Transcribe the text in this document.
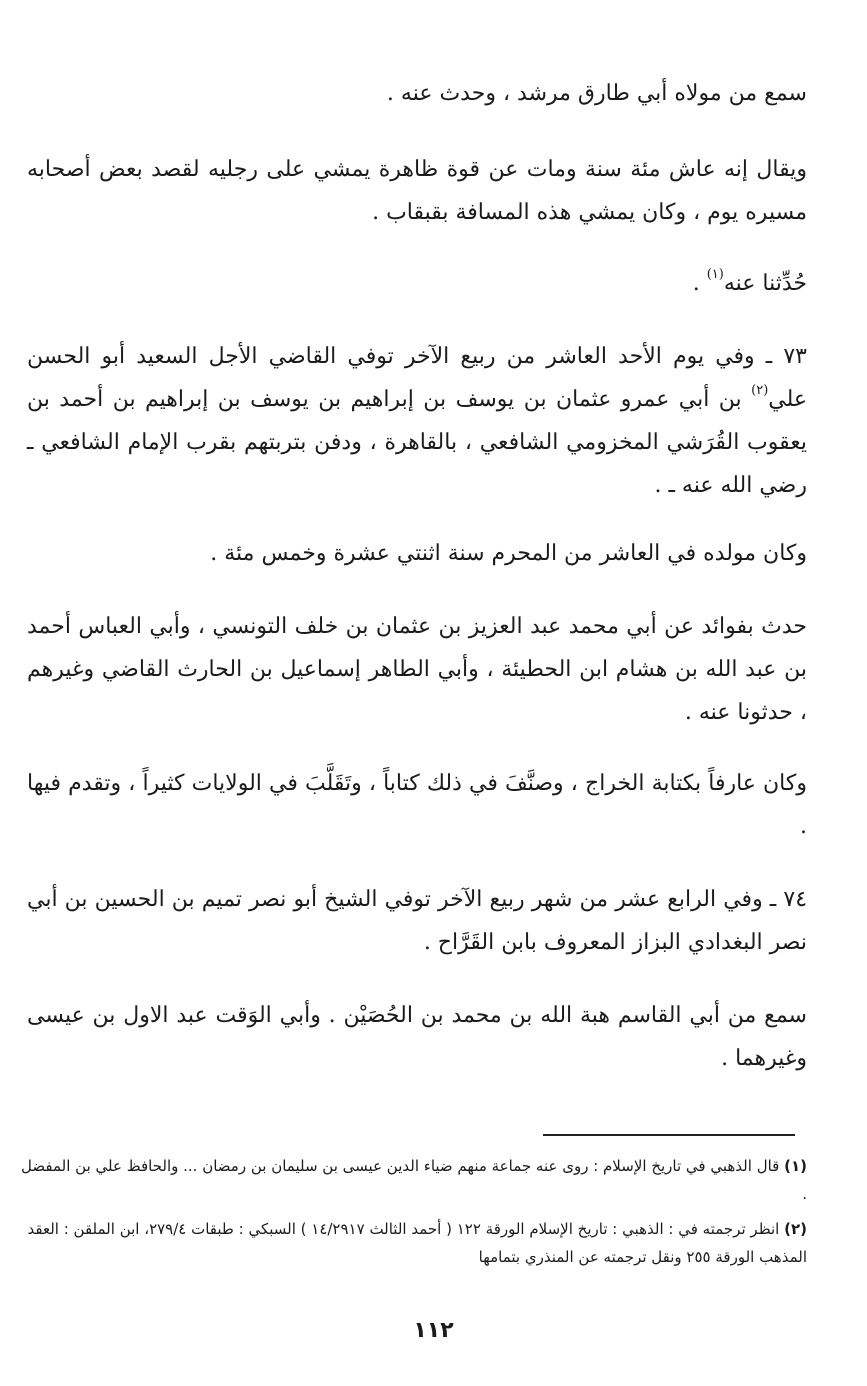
سمع من مولاه أبي طارق مرشد ، وحدث عنه .
ويقال إنه عاش مئة سنة ومات عن قوة ظاهرة يمشي على رجليه لقصد بعض أصحابه مسيره يوم ، وكان يمشي هذه المسافة بقبقاب .
حُدِّثنا عنه$^{(١)}$ .
٧٣ ـ وفي يوم الأحد العاشر من ربيع الآخر توفي القاضي الأجل السعيد أبو الحسن علي$^{(٢)}$ بن أبي عمرو عثمان بن يوسف بن إبراهيم بن يوسف بن إبراهيم بن أحمد بن يعقوب القُرَشي المخزومي الشافعي ، بالقاهرة ، ودفن بتربتهم بقرب الإمام الشافعي ـ رضي الله عنه ـ .
وكان مولده في العاشر من المحرم سنة اثنتي عشرة وخمس مئة .
حدث بفوائد عن أبي محمد عبد العزيز بن عثمان بن خلف التونسي ، وأبي العباس أحمد بن عبد الله بن هشام ابن الحطيئة ، وأبي الطاهر إسماعيل بن الحارث القاضي وغيرهم ، حدثونا عنه .
وكان عارفاً بكتابة الخراج ، وصنَّفَ في ذلك كتاباً ، وتَقَلَّبَ في الولايات كثيراً ، وتقدم فيها .
٧٤ ـ وفي الرابع عشر من شهر ربيع الآخر توفي الشيخ أبو نصر تميم بن الحسين بن أبي نصر البغدادي البزاز المعروف بابن القَرَّاح .
سمع من أبي القاسم هبة الله بن محمد بن الحُصَيْن . وأبي الوَقت عبد الاول بن عيسى وغيرهما .
(١) قال الذهبي في تاريخ الإسلام : روى عنه جماعة منهم ضياء الدين عيسى بن سليمان بن رمضان ... والحافظ علي بن المفضل .
(٢) انظر ترجمته في : الذهبي : تاريخ الإسلام الورقة ١٢٢ ( أحمد الثالث ١٤/٢٩١٧ ) السبكي : طبقات ٢٧٩/٤، ابن الملقن : العقد المذهب الورقة ٢٥٥ ونقل ترجمته عن المنذري بتمامها
١١٢
